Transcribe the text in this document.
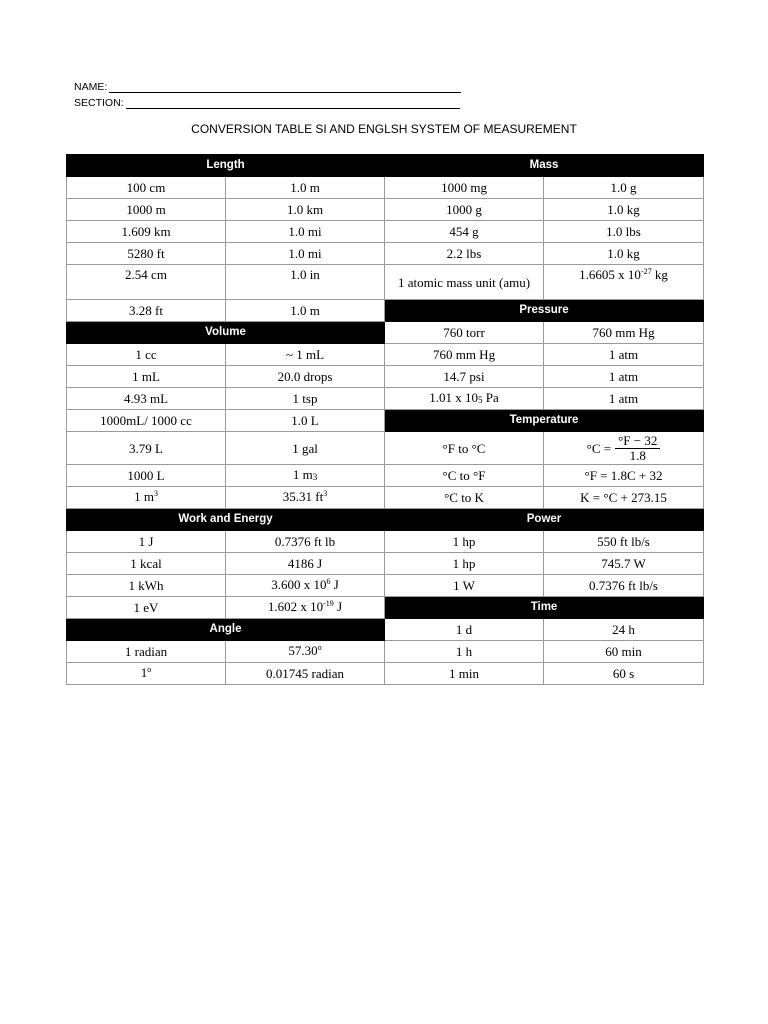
NAME:
SECTION:
CONVERSION TABLE SI AND ENGLSH SYSTEM OF MEASUREMENT
Length		Mass	
100 cm	1.0 m	1000 mg	1.0 g
1000 m	1.0 km	1000 g	1.0 kg
1.609 km	1.0 mi	454 g	1.0 lbs
5280 ft	1.0 mi	2.2 lbs	1.0 kg
2.54 cm	1.0 in	1 atomic mass unit (amu)	1.6605 x $10^{-27}$ kg
3.28 ft	1.0 m	Pressure	
Volume		760 torr	760 mm Hg
1 cc	~ 1 mL	760 mm Hg	1 atm
1 mL	20.0 drops	14.7 psi	1 atm
4.93 mL	1 tsp	1.01 x 105 Pa	1 atm
1000mL/ 1000 cc	1.0 L	Temperature	
3.79 L	1 gal	°F to °C	$^\circ C = \frac{^\circ F - 32}{1.8}$

1000 L	1 m3	°C to °F	°F = 1.8C + 32
1 $m^3$	35.31 $ft^3$	°C to K	K = °C + 273.15
Work and Energy		Power	
1 J	0.7376 ft lb	1 hp	550 ft lb/s
1 kcal	4186 J	1 hp	745.7 W
1 kWh	3.600 x $10^6$ J	1 W	0.7376 ft lb/s
1 eV	1.602 x $10^{-19}$ J	Time	
Angle		1 d	24 h
1 radian	57.30$^o$	1 h	60 min
1$^o$	0.01745 radian	1 min	60 s
